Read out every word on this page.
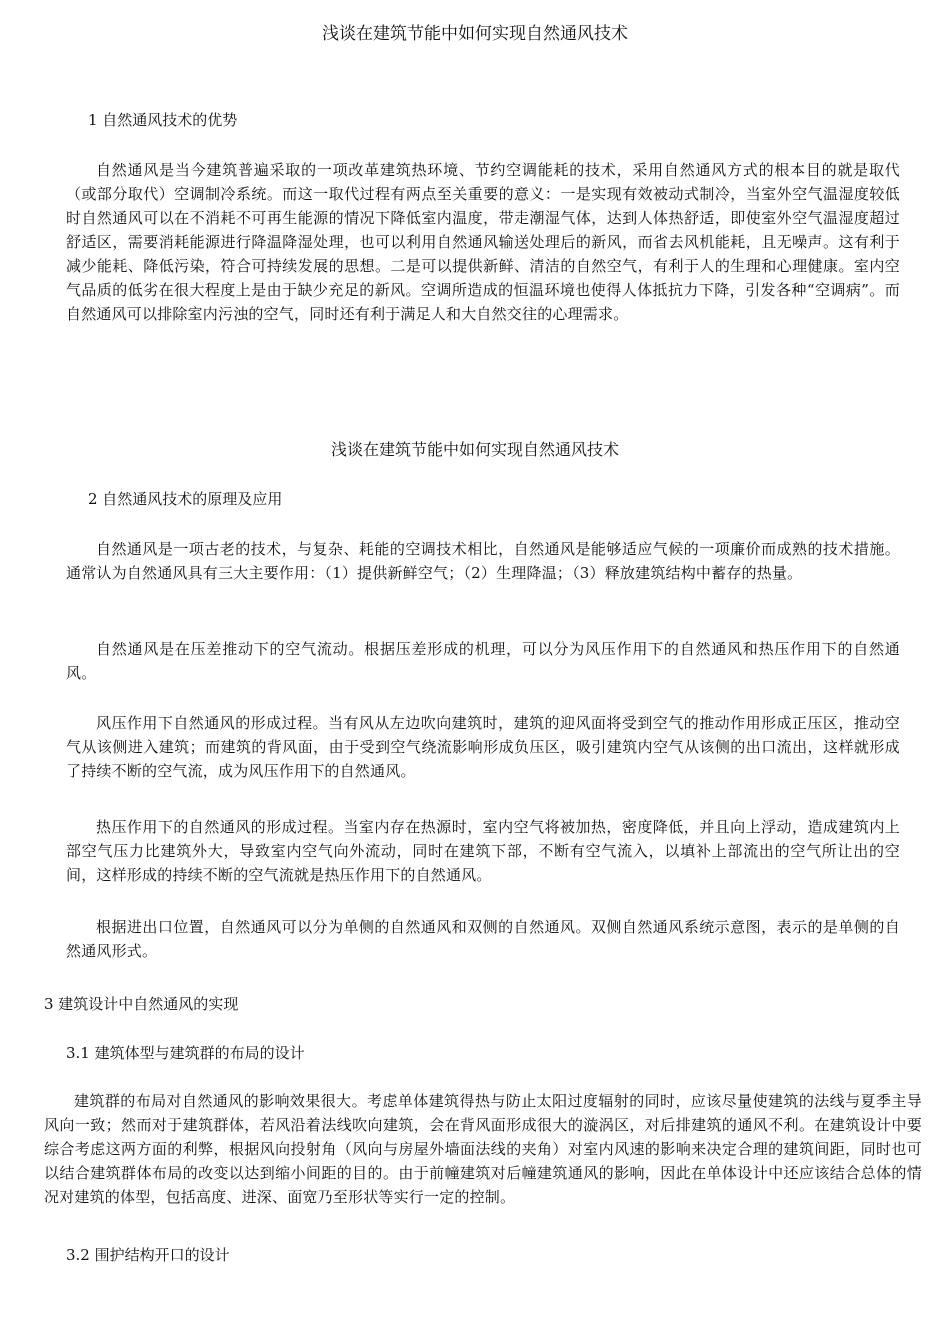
浅谈在建筑节能中如何实现自然通风技术
1 自然通风技术的优势
自然通风是当今建筑普遍采取的一项改革建筑热环境、节约空调能耗的技术，采用自然通风方式的根本目的就是取代（或部分取代）空调制冷系统。而这一取代过程有两点至关重要的意义：一是实现有效被动式制冷，当室外空气温湿度较低时自然通风可以在不消耗不可再生能源的情况下降低室内温度，带走潮湿气体，达到人体热舒适，即使室外空气温湿度超过舒适区，需要消耗能源进行降温降湿处理，也可以利用自然通风输送处理后的新风，而省去风机能耗，且无噪声。这有利于减少能耗、降低污染，符合可持续发展的思想。二是可以提供新鲜、清洁的自然空气，有利于人的生理和心理健康。室内空气品质的低劣在很大程度上是由于缺少充足的新风。空调所造成的恒温环境也使得人体抵抗力下降，引发各种“空调病”。而自然通风可以排除室内污浊的空气，同时还有利于满足人和大自然交往的心理需求。
浅谈在建筑节能中如何实现自然通风技术
2 自然通风技术的原理及应用
自然通风是一项古老的技术，与复杂、耗能的空调技术相比，自然通风是能够适应气候的一项廉价而成熟的技术措施。通常认为自然通风具有三大主要作用：（1）提供新鲜空气；（2）生理降温；（3）释放建筑结构中蓄存的热量。
自然通风是在压差推动下的空气流动。根据压差形成的机理，可以分为风压作用下的自然通风和热压作用下的自然通风。
风压作用下自然通风的形成过程。当有风从左边吹向建筑时，建筑的迎风面将受到空气的推动作用形成正压区，推动空气从该侧进入建筑；而建筑的背风面，由于受到空气绕流影响形成负压区，吸引建筑内空气从该侧的出口流出，这样就形成了持续不断的空气流，成为风压作用下的自然通风。
热压作用下的自然通风的形成过程。当室内存在热源时，室内空气将被加热，密度降低，并且向上浮动，造成建筑内上部空气压力比建筑外大，导致室内空气向外流动，同时在建筑下部，不断有空气流入，以填补上部流出的空气所让出的空间，这样形成的持续不断的空气流就是热压作用下的自然通风。
根据进出口位置，自然通风可以分为单侧的自然通风和双侧的自然通风。双侧自然通风系统示意图，表示的是单侧的自然通风形式。
3 建筑设计中自然通风的实现
3.1 建筑体型与建筑群的布局的设计
建筑群的布局对自然通风的影响效果很大。考虑单体建筑得热与防止太阳过度辐射的同时，应该尽量使建筑的法线与夏季主导风向一致；然而对于建筑群体，若风沿着法线吹向建筑，会在背风面形成很大的漩涡区，对后排建筑的通风不利。在建筑设计中要综合考虑这两方面的利弊，根据风向投射角（风向与房屋外墙面法线的夹角）对室内风速的影响来决定合理的建筑间距，同时也可以结合建筑群体布局的改变以达到缩小间距的目的。由于前幢建筑对后幢建筑通风的影响，因此在单体设计中还应该结合总体的情况对建筑的体型，包括高度、进深、面宽乃至形状等实行一定的控制。
3.2 围护结构开口的设计
